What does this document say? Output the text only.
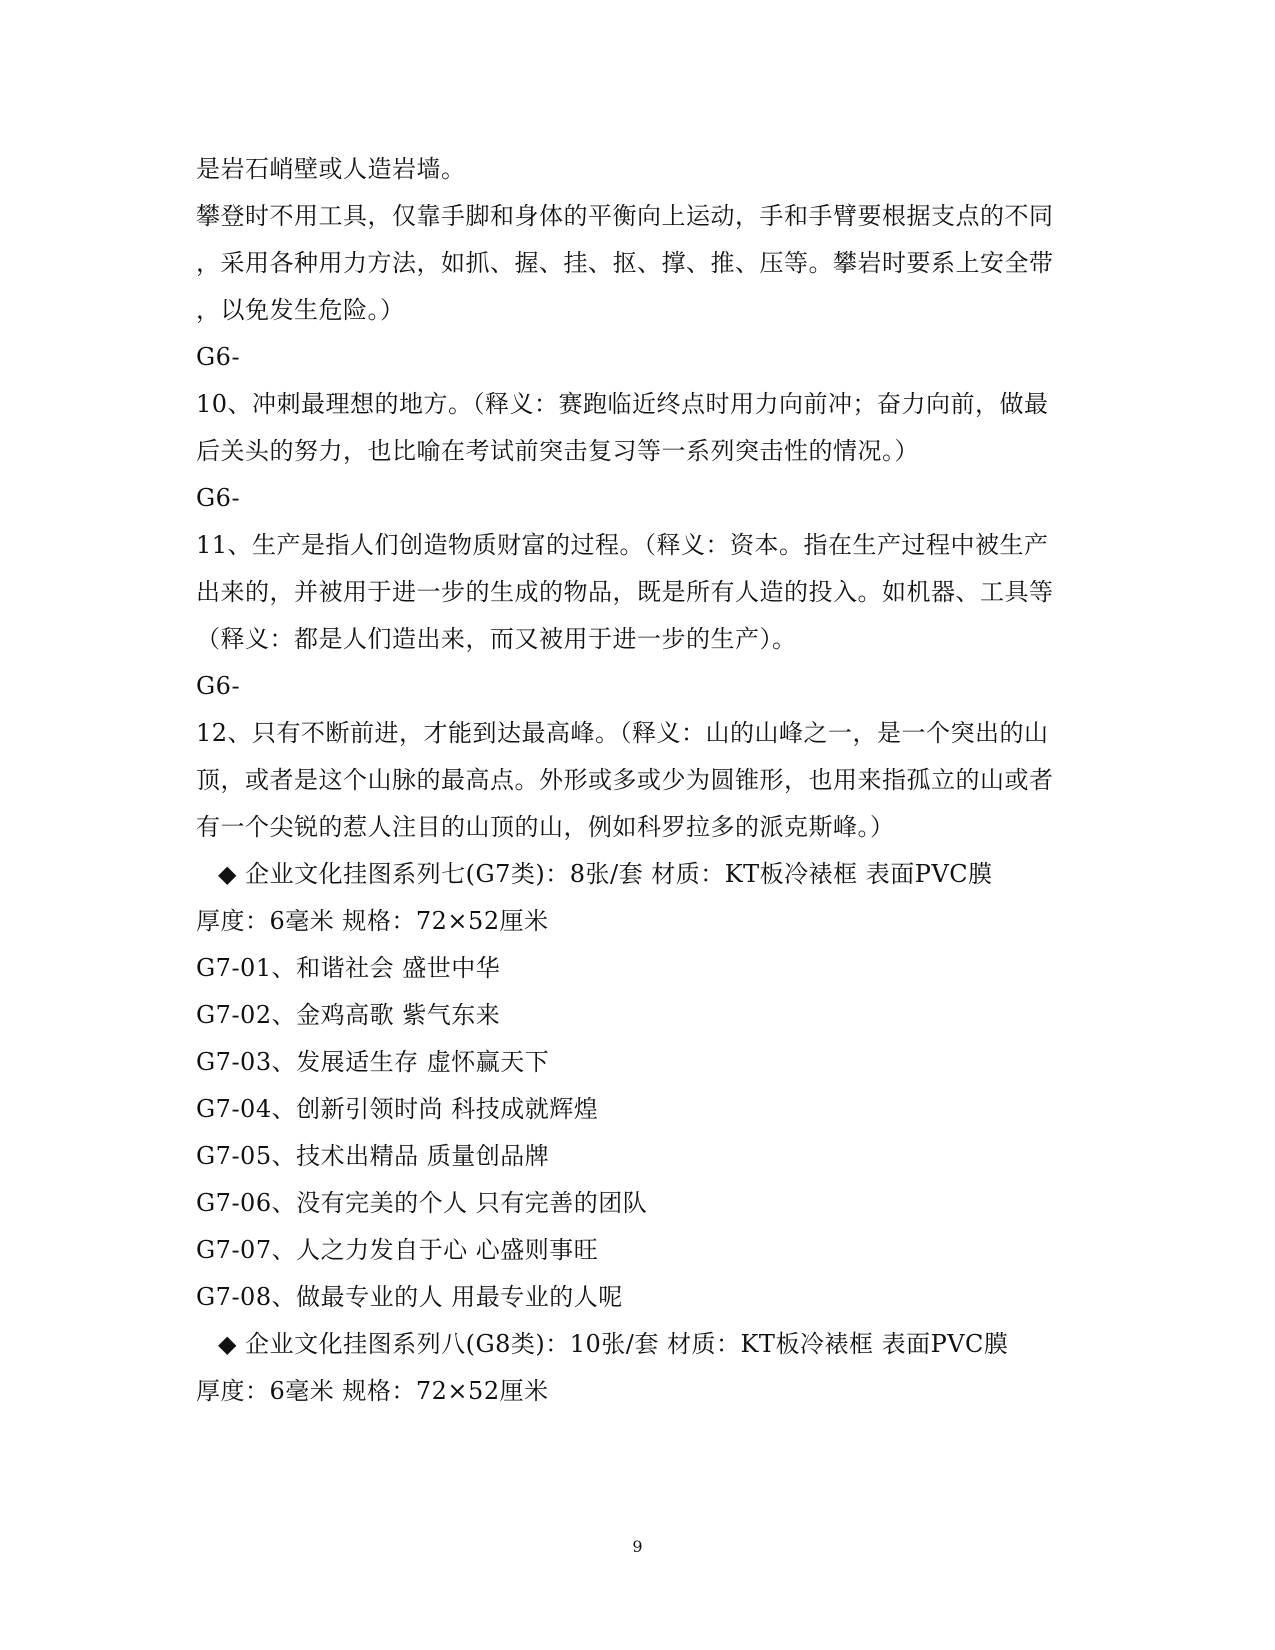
是岩石峭壁或人造岩墙。
攀登时不用工具，仅靠手脚和身体的平衡向上运动，手和手臂要根据支点的不同
，采用各种用力方法，如抓、握、挂、抠、撑、推、压等。攀岩时要系上安全带
，以免发生危险。）
G6-
10、冲刺最理想的地方。（释义：赛跑临近终点时用力向前冲；奋力向前，做最
后关头的努力，也比喻在考试前突击复习等一系列突击性的情况。）
G6-
11、生产是指人们创造物质财富的过程。（释义：资本。指在生产过程中被生产
出来的，并被用于进一步的生成的物品，既是所有人造的投入。如机器、工具等
（释义：都是人们造出来，而又被用于进一步的生产）。
G6-
12、只有不断前进，才能到达最高峰。（释义：山的山峰之一，是一个突出的山
顶，或者是这个山脉的最高点。外形或多或少为圆锥形，也用来指孤立的山或者
有一个尖锐的惹人注目的山顶的山，例如科罗拉多的派克斯峰。）
◆ 企业文化挂图系列七(G7类)：8张/套 材质：KT板冷裱框 表面PVC膜
厚度：6毫米 规格：72×52厘米
G7-01、和谐社会 盛世中华
G7-02、金鸡高歌 紫气东来
G7-03、发展适生存 虚怀赢天下
G7-04、创新引领时尚 科技成就辉煌
G7-05、技术出精品 质量创品牌
G7-06、没有完美的个人 只有完善的团队
G7-07、人之力发自于心 心盛则事旺
G7-08、做最专业的人 用最专业的人呢
◆ 企业文化挂图系列八(G8类)：10张/套 材质：KT板冷裱框 表面PVC膜
厚度：6毫米 规格：72×52厘米
9
